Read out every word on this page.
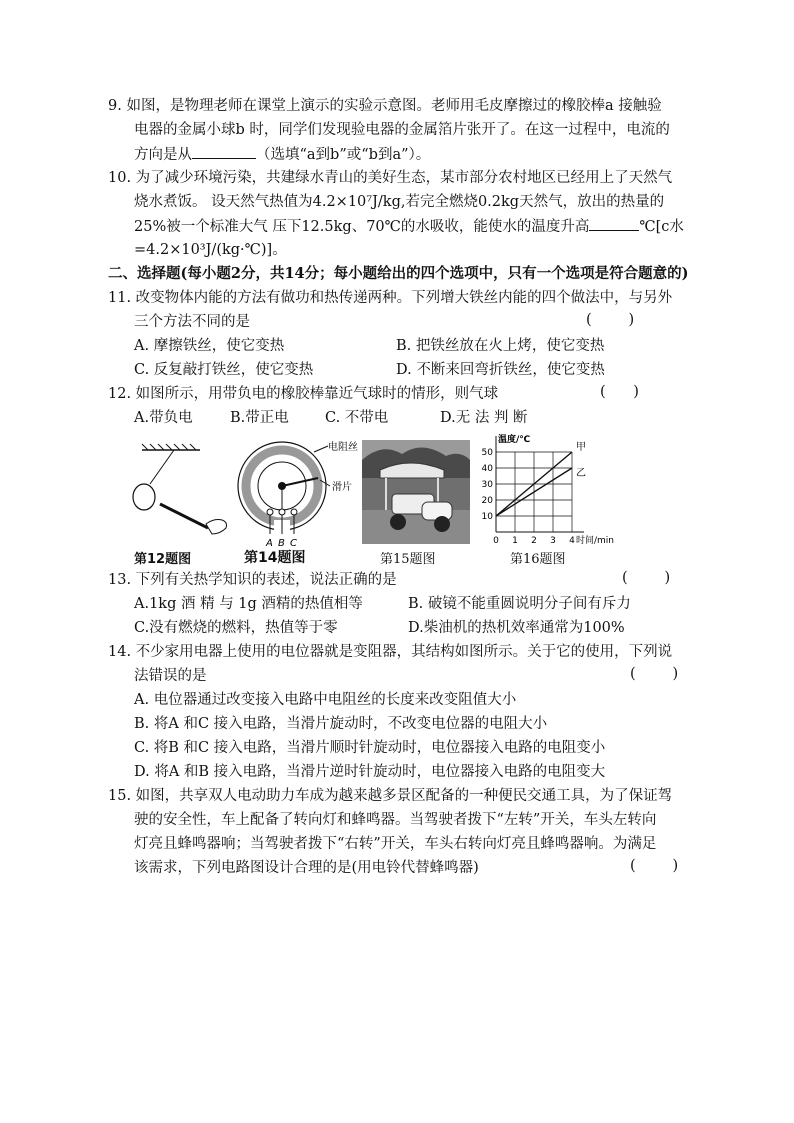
9. 如图，是物理老师在课堂上演示的实验示意图。老师用毛皮摩擦过的橡胶棒a 接触验
电器的金属小球b 时，同学们发现验电器的金属箔片张开了。在这一过程中，电流的
方向是从	（选填“a到b”或“b到a”）。
10. 为了减少环境污染，共建绿水青山的美好生态，某市部分农村地区已经用上了天然气
烧水煮饭。 设天然气热值为4.2×10⁷J/kg,若完全燃烧0.2kg天然气，放出的热量的
25%被一个标准大气 压下12.5kg、70℃的水吸收，能使水的温度升高	℃[c水
=4.2×10³J/(kg·℃)]。
二、选择题(每小题2分，共14分；每小题给出的四个选项中，只有一个选项是符合题意的)
11. 改变物体内能的方法有做功和热传递两种。下列增大铁丝内能的四个做法中，与另外
三个方法不同的是	(        )
A. 摩擦铁丝，使它变热	B. 把铁丝放在火上烤，使它变热
C. 反复敲打铁丝，使它变热	D. 不断来回弯折铁丝，使它变热
12. 如图所示，用带负电的橡胶棒靠近气球时的情形，则气球	(      )
A.带负电	B.带正电 C. 不带电	D.无 法 判 断
第12题图
电阻丝
滑片
A B C
第14题图	第15题图
10
20
30
40
50
0 1 2 3 4
温度/℃
时间/min
甲
乙
第16题图
13. 下列有关热学知识的表述，说法正确的是	(        )
A.1kg 酒 精 与 1g 酒精的热值相等	B. 破镜不能重圆说明分子间有斥力
C.没有燃烧的燃料，热值等于零	D.柴油机的热机效率通常为100%
14. 不少家用电器上使用的电位器就是变阻器，其结构如图所示。关于它的使用，下列说
法错误的是	(        )
A. 电位器通过改变接入电路中电阻丝的长度来改变阻值大小
B. 将A 和C 接入电路，当滑片旋动时，不改变电位器的电阻大小
C. 将B 和C 接入电路，当滑片顺时针旋动时，电位器接入电路的电阻变小
D. 将A 和B 接入电路，当滑片逆时针旋动时，电位器接入电路的电阻变大
15. 如图，共享双人电动助力车成为越来越多景区配备的一种便民交通工具，为了保证驾
驶的安全性，车上配备了转向灯和蜂鸣器。当驾驶者拨下“左转”开关，车头左转向
灯亮且蜂鸣器响；当驾驶者拨下“右转”开关，车头右转向灯亮且蜂鸣器响。为满足
该需求，下列电路图设计合理的是(用电铃代替蜂鸣器)	(        )
